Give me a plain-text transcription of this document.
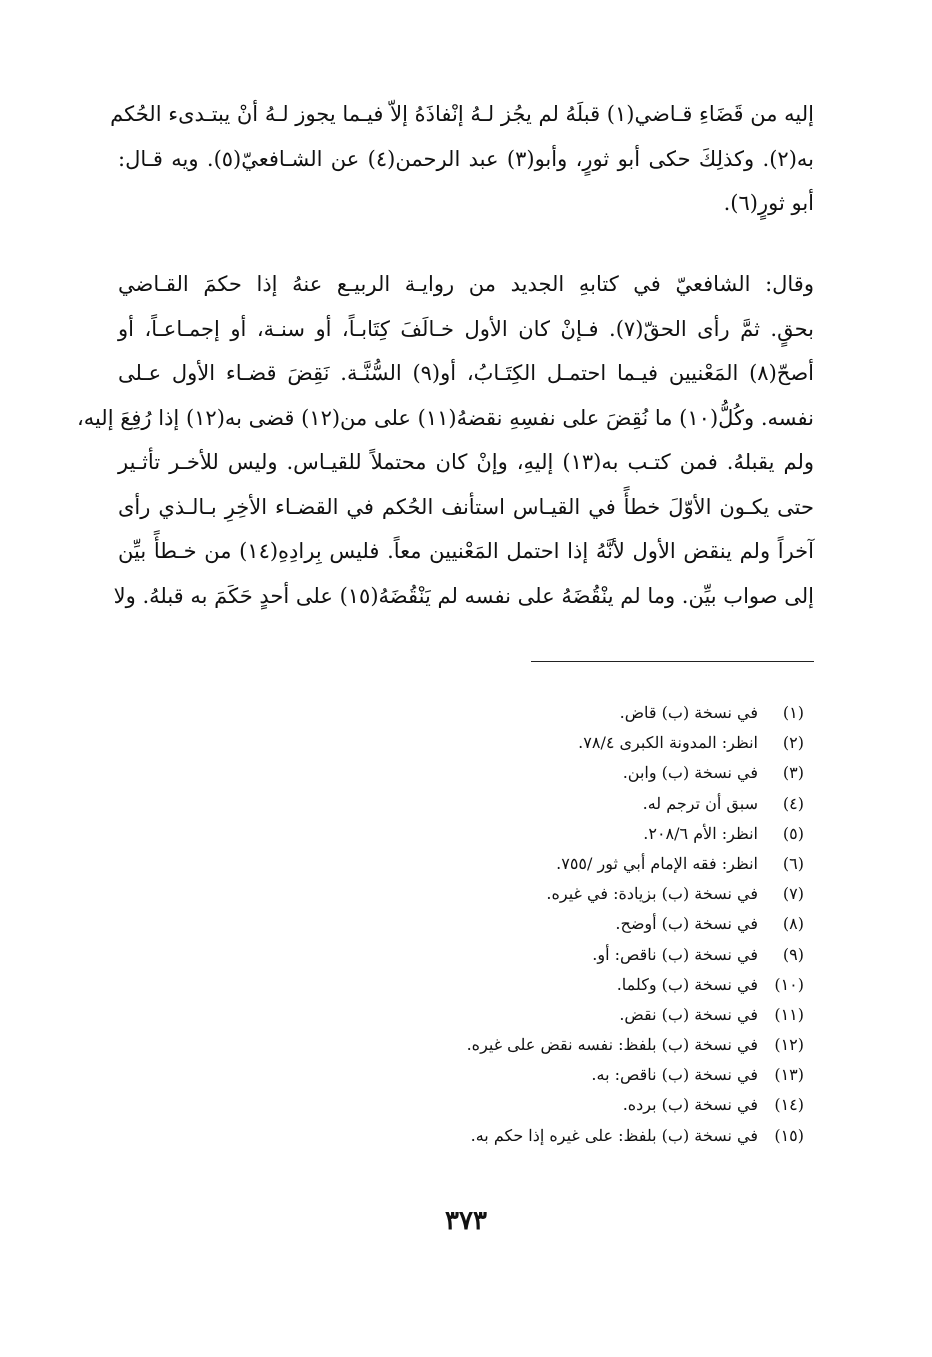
إليه من قَضَاءِ قـاضي(١) قبلَهُ لم يجُز لـهُ إنْفاذَهُ إلاّ فيـما يجوز لـهُ أنْ يبتـدىء الحُكم
به(٢). وكذلِكَ حكى أبو ثورٍ، وأبو(٣) عبد الرحمن(٤) عن الشـافعيّ(٥). ويه قـال:
أبو ثورٍ(٦).
وقال: الشافعيّ في كتابهِ الجديد من روايـة الربيـع عنهُ إذا حكمَ القـاضي
بحقٍ. ثمَّ رأى الحقّ(٧). فـإنْ كان الأول خـالَفَ كِتَابـاً، أو سنـة، أو إجمـاعـاً، أو
أصحّ(٨) المَعْنيين فيـما احتمـل الكِتَـابُ، أو(٩) السُّنَّـة. نَقِضَ قضـاء الأول عـلى
نفسه. وكُلُّ(١٠) ما نُقِضَ على نفسِهِ نقضهُ(١١) على من(١٢) قضى به(١٢) إذا رُفِعَ إليه،
ولم يقبلهُ. فمن كتـب به(١٣) إليهِ، وإنْ كان محتملاً للقيـاس. وليس للأخـر تأثـير
حتى يكـون الأوّلَ خطأً في القيـاس استأنف الحُكم في القضـاء الأخِرِ بـالـذي رأى
آخراً ولم ينقض الأول لأنَّهُ إذا احتمل المَعْنيين معاً. فليس بِرادِهِ(١٤) من خـطأً بيِّن
إلى صواب بيِّن. وما لم ينْقُضَهُ على نفسه لم يَنْقُضَهُ(١٥) على أحدٍ حَكَمَ به قبلهُ. ولا
(١)
في نسخة (ب) قاض.
(٢)
انظر: المدونة الكبرى ٧٨/٤.
(٣)
في نسخة (ب) وابن.
(٤)
سبق أن ترجم له.
(٥)
انظر: الأم ٢٠٨/٦.
(٦)
انظر: فقه الإمام أبي ثور /٧٥٥.
(٧)
في نسخة (ب) بزيادة: في غيره.
(٨)
في نسخة (ب) أوضح.
(٩)
في نسخة (ب) ناقص: أو.
(١٠)
في نسخة (ب) وكلما.
(١١)
في نسخة (ب) نقض.
(١٢)
في نسخة (ب) بلفظ: نفسه نقض على غيره.
(١٣)
في نسخة (ب) ناقص: به.
(١٤)
في نسخة (ب) برده.
(١٥)
في نسخة (ب) بلفظ: على غيره إذا حكم به.
٣٧٣
